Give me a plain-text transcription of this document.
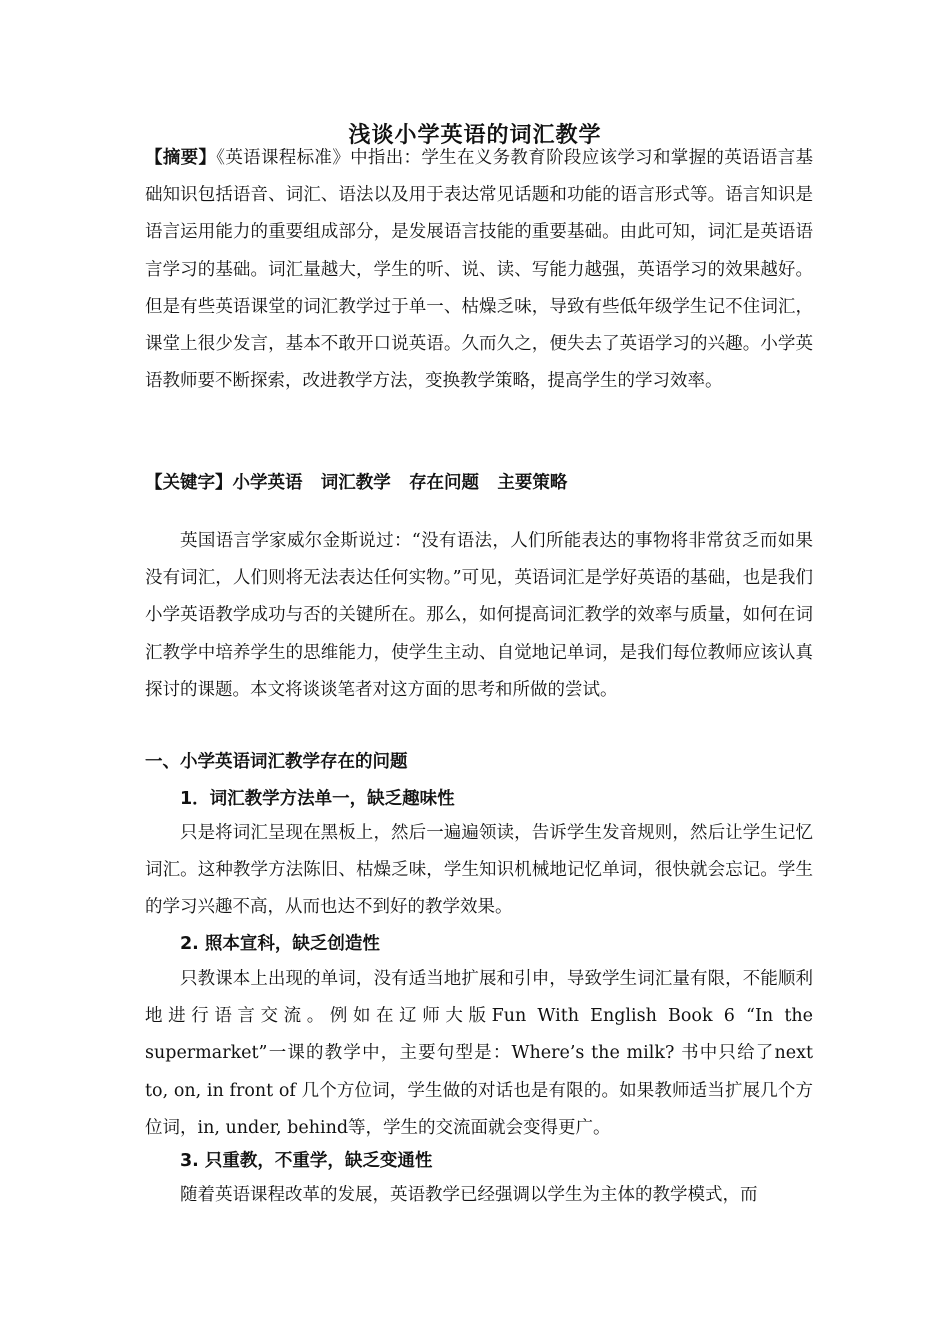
浅谈小学英语的词汇教学

【摘要】《英语课程标准》中指出：学生在义务教育阶段应该学习和掌握的英语语言基础知识包括语音、词汇、语法以及用于表达常见话题和功能的语言形式等。语言知识是语言运用能力的重要组成部分，是发展语言技能的重要基础。由此可知，词汇是英语语言学习的基础。词汇量越大，学生的听、说、读、写能力越强，英语学习的效果越好。但是有些英语课堂的词汇教学过于单一、枯燥乏味，导致有些低年级学生记不住词汇，课堂上很少发言，基本不敢开口说英语。久而久之，便失去了英语学习的兴趣。小学英语教师要不断探索，改进教学方法，变换教学策略，提高学生的学习效率。

【关键字】小学英语 词汇教学 存在问题 主要策略

英国语言学家威尔金斯说过：“没有语法，人们所能表达的事物将非常贫乏而如果没有词汇，人们则将无法表达任何实物。”可见，英语词汇是学好英语的基础，也是我们小学英语教学成功与否的关键所在。那么，如何提高词汇教学的效率与质量，如何在词汇教学中培养学生的思维能力，使学生主动、自觉地记单词，是我们每位教师应该认真探讨的课题。本文将谈谈笔者对这方面的思考和所做的尝试。

一、小学英语词汇教学存在的问题
1．词汇教学方法单一，缺乏趣味性

只是将词汇呈现在黑板上，然后一遍遍领读，告诉学生发音规则，然后让学生记忆词汇。这种教学方法陈旧、枯燥乏味，学生知识机械地记忆单词，很快就会忘记。学生的学习兴趣不高，从而也达不到好的教学效果。

2. 照本宣科，缺乏创造性

只教课本上出现的单词，没有适当地扩展和引申，导致学生词汇量有限，不能顺利地进行语言交流。例如在辽师大版Fun With English Book 6 “In the supermarket”一课的教学中，主要句型是：Where’s the milk? 书中只给了next to, on, in front of 几个方位词，学生做的对话也是有限的。如果教师适当扩展几个方位词，in, under, behind等，学生的交流面就会变得更广。

3. 只重教，不重学，缺乏变通性

随着英语课程改革的发展，英语教学已经强调以学生为主体的教学模式，而
